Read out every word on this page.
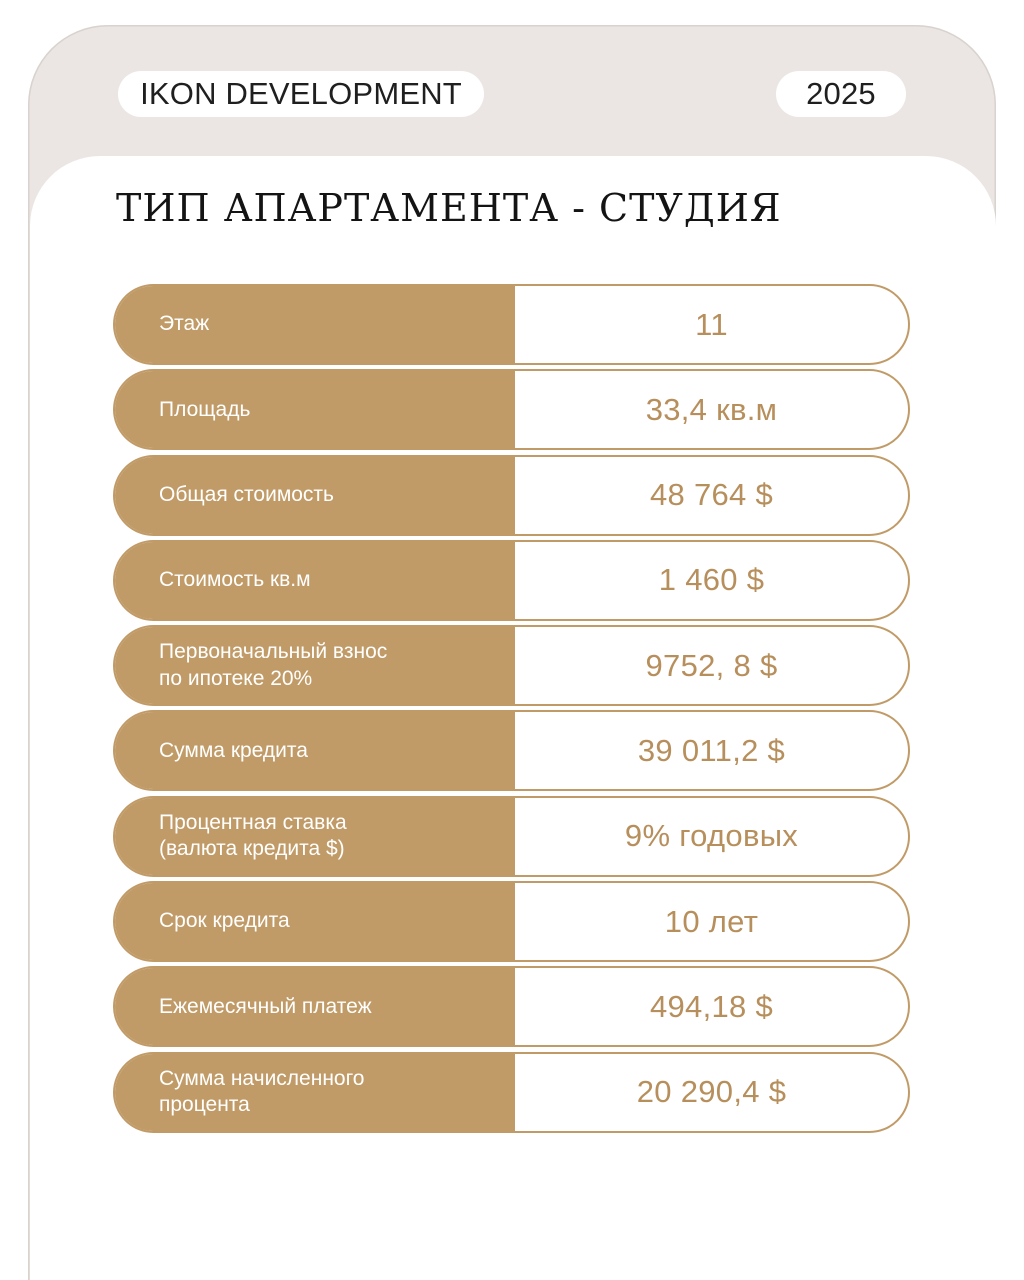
IKON DEVELOPMENT	2025
ТИП АПАРТАМЕНТА - СТУДИЯ
Этаж	11
Площадь	33,4 кв.м
Общая стоимость	48 764 $
Стоимость кв.м	1 460 $
Первоначальный взнос
по ипотеке 20%	9752, 8 $
Сумма кредита	39 011,2 $
Процентная ставка
(валюта кредита $)	9% годовых
Срок кредита	10 лет
Ежемесячный платеж	494,18 $
Сумма начисленного
процента	20 290,4 $
